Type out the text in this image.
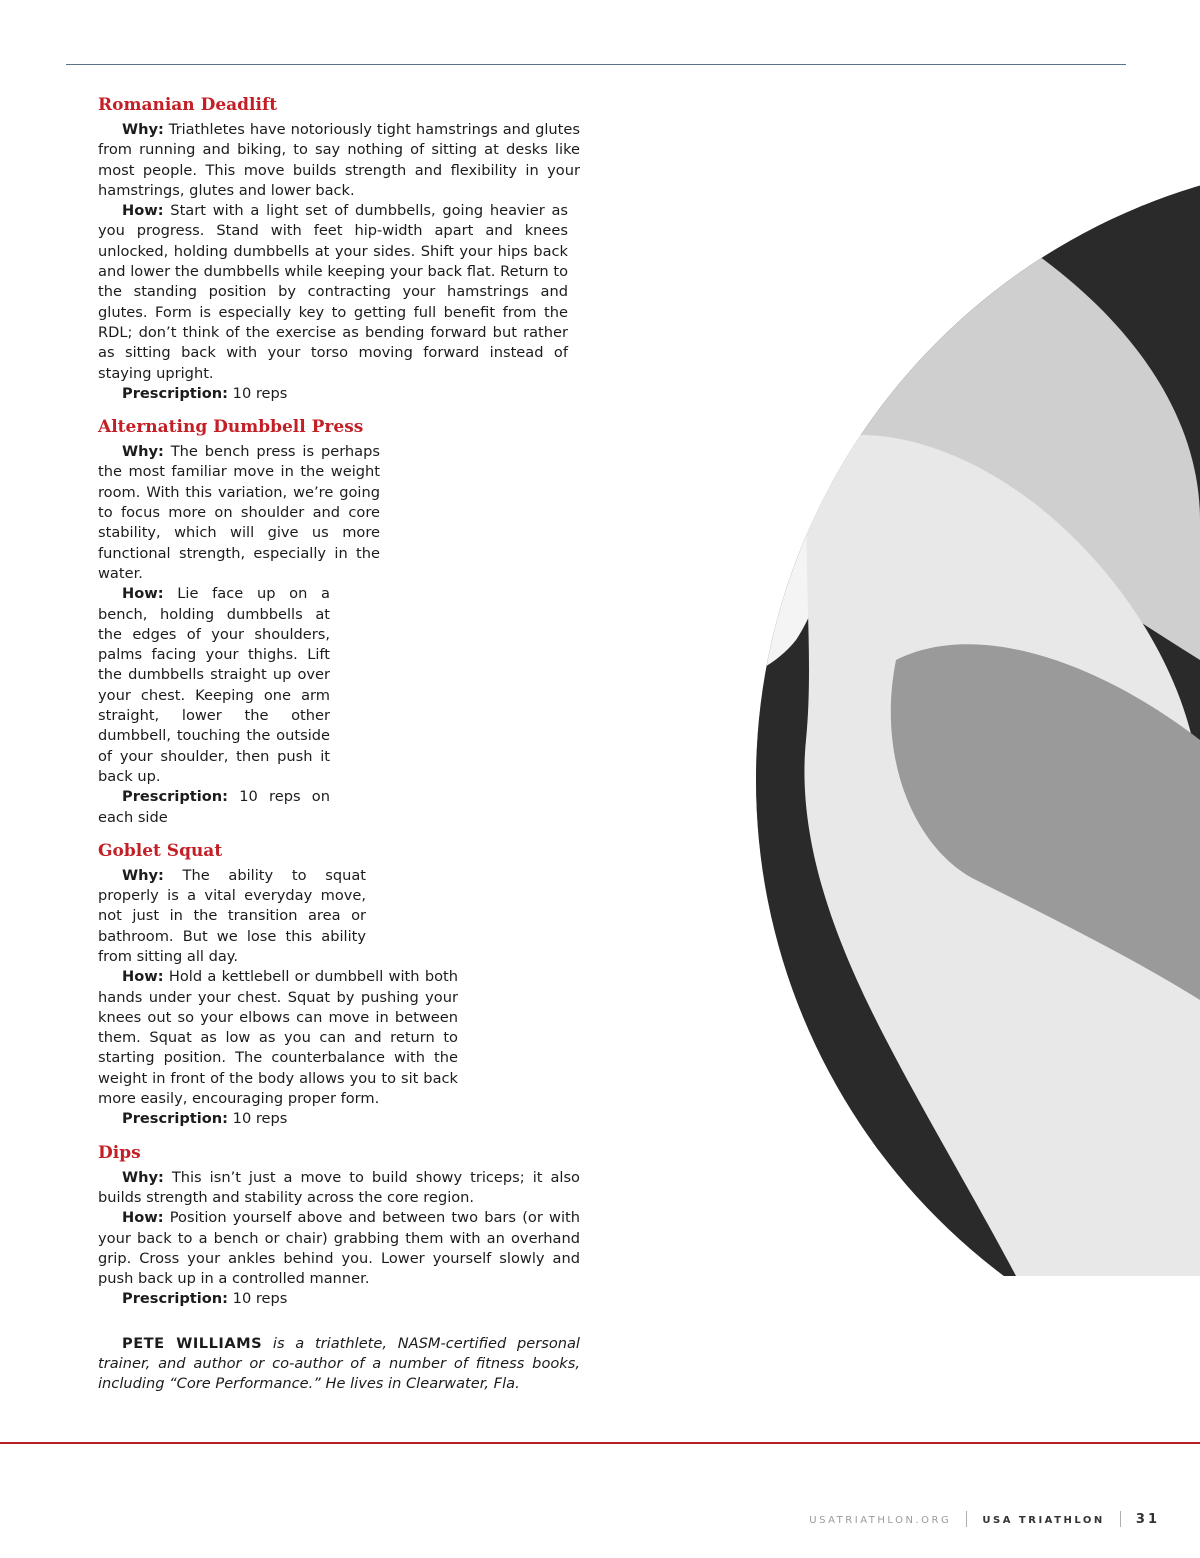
Romanian Deadlift

Why: Triathletes have notoriously tight hamstrings and glutes from running and biking, to say nothing of sitting at desks like most people. This move builds strength and flexibility in your hamstrings, glutes and lower back.

How: Start with a light set of dumbbells, going heavier as you progress. Stand with feet hip-width apart and knees unlocked, holding dumbbells at your sides. Shift your hips back and lower the dumbbells while keeping your back flat. Return to the standing position by contracting your hamstrings and glutes. Form is especially key to getting full benefit from the RDL; don’t think of the exercise as bending forward but rather as sitting back with your torso moving forward instead of staying upright.

Prescription: 10 reps

Alternating Dumbbell Press

Why: The bench press is perhaps the most familiar move in the weight room. With this variation, we’re going to focus more on shoulder and core stability, which will give us more functional strength, especially in the water.

How: Lie face up on a bench, holding dumbbells at the edges of your shoulders, palms facing your thighs. Lift the dumbbells straight up over your chest. Keeping one arm straight, lower the other dumbbell, touching the outside of your shoulder, then push it back up.

Prescription: 10 reps on each side

Goblet Squat

Why: The ability to squat properly is a vital everyday move, not just in the transition area or bathroom. But we lose this ability from sitting all day.

How: Hold a kettlebell or dumbbell with both hands under your chest. Squat by pushing your knees out so your elbows can move in between them. Squat as low as you can and return to starting position. The counterbalance with the weight in front of the body allows you to sit back more easily, encouraging proper form.

Prescription: 10 reps

Dips

Why: This isn’t just a move to build showy triceps; it also builds strength and stability across the core region.

How: Position yourself above and between two bars (or with your back to a bench or chair) grabbing them with an overhand grip. Cross your ankles behind you. Lower yourself slowly and push back up in a controlled manner.

Prescription: 10 reps

PETE WILLIAMS is a triathlete, NASM-certified personal trainer, and author or co-author of a number of fitness books, including “Core Performance.” He lives in Clearwater, Fla.

USATRIATHLON.ORG	USA TRIATHLON 31
